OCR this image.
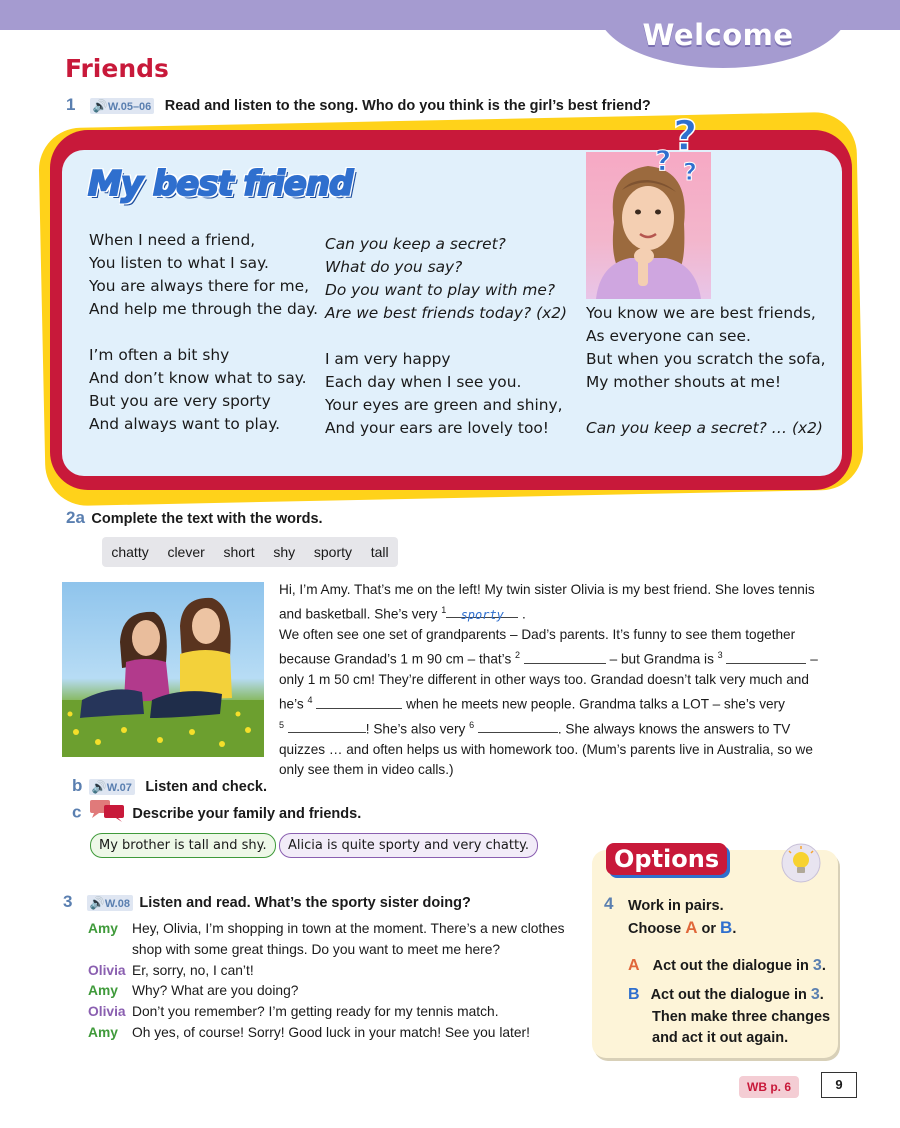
Welcome
Friends
1 🔊W.05–06 Read and listen to the song. Who do you think is the girl’s best friend?
My best friend
When I need a friend,
You listen to what I say.
You are always there for me,
And help me through the day.
I’m often a bit shy
And don’t know what to say.
But you are very sporty
And always want to play.
Can you keep a secret?
What do you say?
Do you want to play with me?
Are we best friends today? (x2)
I am very happy
Each day when I see you.
Your eyes are green and shiny,
And your ears are lovely too!
You know we are best friends,
As everyone can see.
But when you scratch the sofa,
My mother shouts at me!
Can you keep a secret? … (x2)
?
? ?
2a Complete the text with the words.
chatty clever short shy sporty tall
Hi, I’m Amy. That’s me on the left! My twin sister Olivia is my best friend. She loves tennis
and basketball. She’s very $^1$ sporty .
We often see one set of grandparents – Dad’s parents. It’s funny to see them together
because Grandad’s 1 m 90 cm – that’s $^2$	– but Grandma is $^3$	–
only 1 m 50 cm! They’re different in other ways too. Grandad doesn’t talk very much and
he’s $^4$	when he meets new people. Grandma talks a LOT – she’s very
$^5$	! She’s also very $^6$	. She always knows the answers to TV
quizzes … and often helps us with homework too. (Mum’s parents live in Australia, so we
only see them in video calls.)
b 🔊W.07 Listen and check.
c	Describe your family and friends.
My brother is tall and shy.	Alicia is quite sporty and very chatty.
3 🔊W.08 Listen and read. What’s the sporty sister doing?
Amy	Hey, Olivia, I’m shopping in town at the moment. There’s a new clothes
shop with some great things. Do you want to meet me here?
Olivia Er, sorry, no, I can’t!
Amy	Why? What are you doing?
Olivia Don’t you remember? I’m getting ready for my tennis match.
Amy	Oh yes, of course! Sorry! Good luck in your match! See you later!
Options
4 Work in pairs.
Choose A or B.
A Act out the dialogue in 3.
B Act out the dialogue in 3.
Then make three changes
and act it out again.
WB p. 6	9
